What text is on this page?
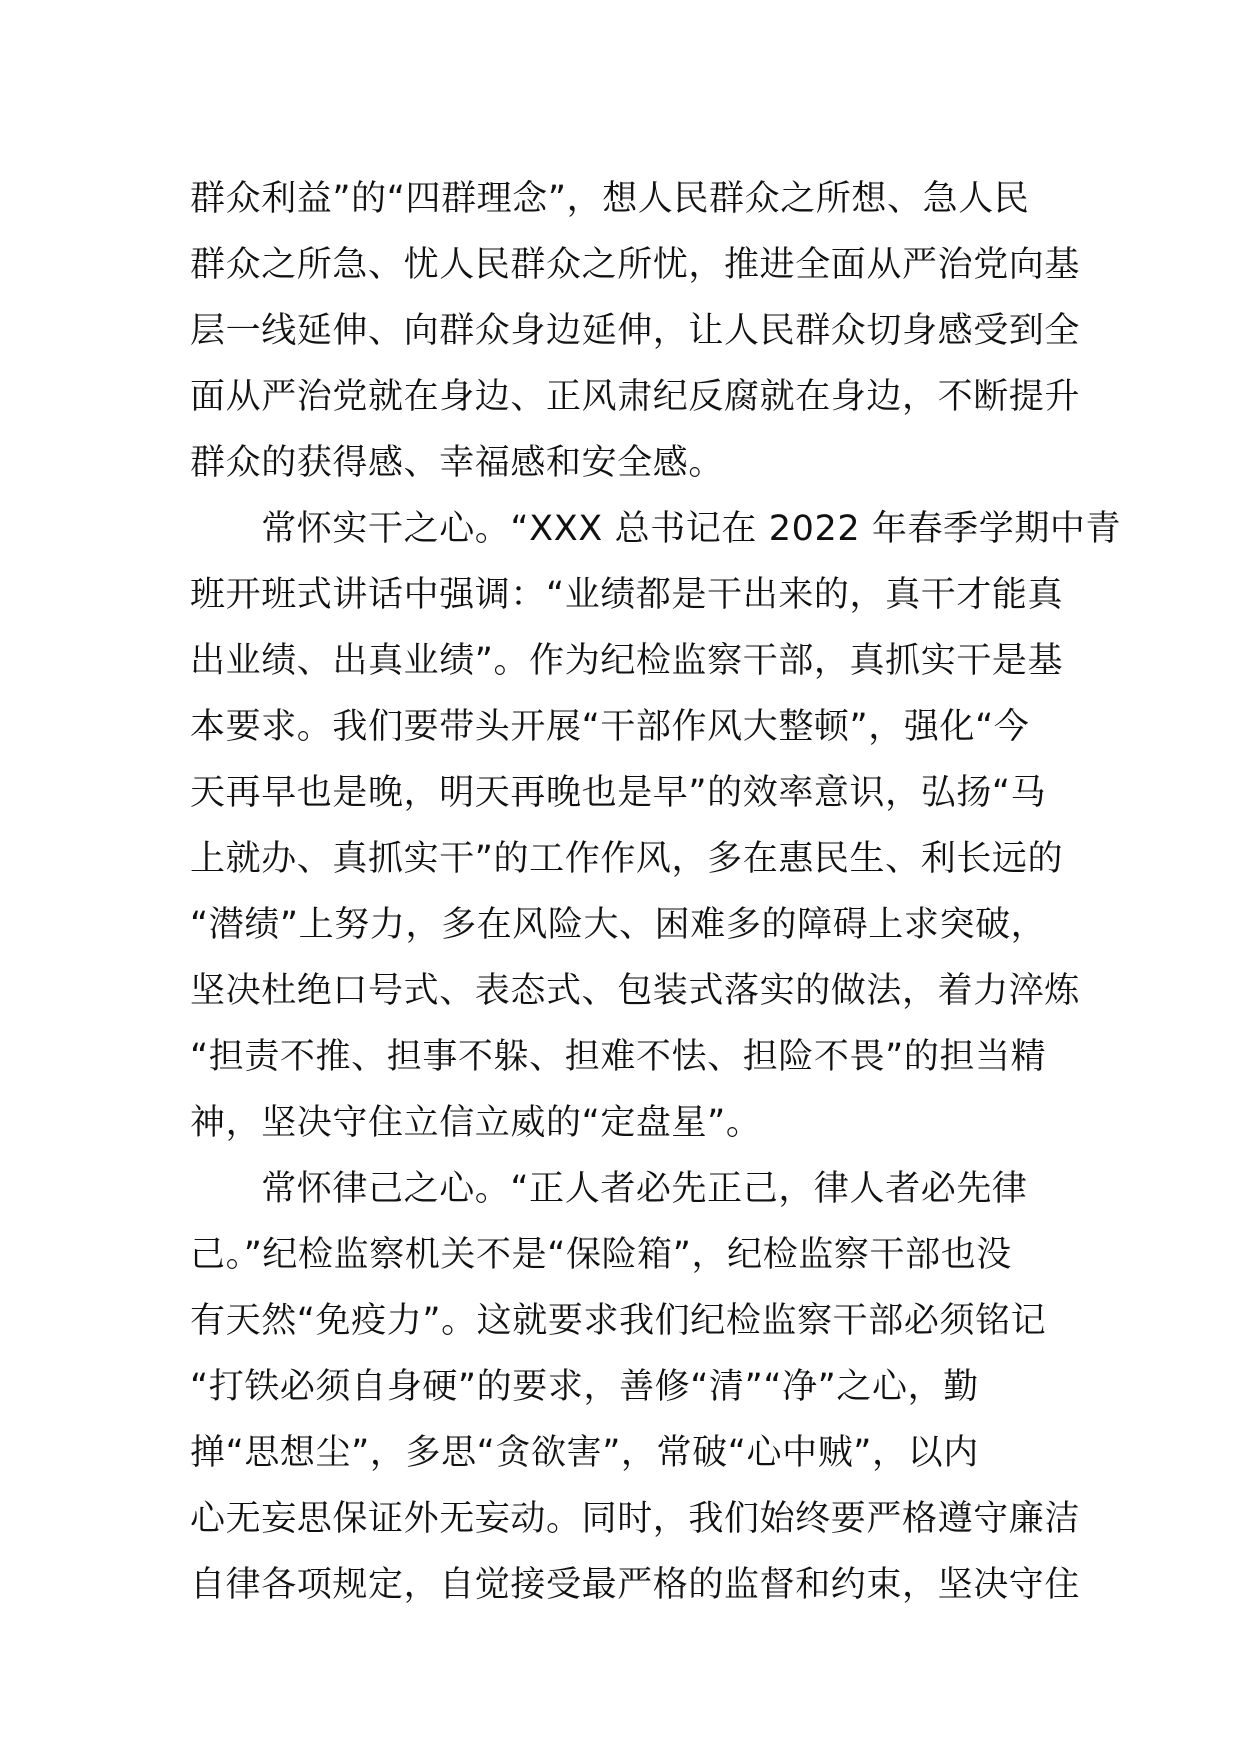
群众利益”的“四群理念”，想人民群众之所想、急人民
群众之所急、忧人民群众之所忧，推进全面从严治党向基
层一线延伸、向群众身边延伸，让人民群众切身感受到全
面从严治党就在身边、正风肃纪反腐就在身边，不断提升
群众的获得感、幸福感和安全感。
　　常怀实干之心。“XXX 总书记在 2022 年春季学期中青
班开班式讲话中强调：“业绩都是干出来的，真干才能真
出业绩、出真业绩”。作为纪检监察干部，真抓实干是基
本要求。我们要带头开展“干部作风大整顿”，强化“今
天再早也是晚，明天再晚也是早”的效率意识，弘扬“马
上就办、真抓实干”的工作作风，多在惠民生、利长远的
“潜绩”上努力，多在风险大、困难多的障碍上求突破，
坚决杜绝口号式、表态式、包装式落实的做法，着力淬炼
“担责不推、担事不躲、担难不怯、担险不畏”的担当精
神，坚决守住立信立威的“定盘星”。
　　常怀律己之心。“正人者必先正己，律人者必先律
己。”纪检监察机关不是“保险箱”，纪检监察干部也没
有天然“免疫力”。这就要求我们纪检监察干部必须铭记
“打铁必须自身硬”的要求，善修“清”“净”之心，勤
掸“思想尘”，多思“贪欲害”，常破“心中贼”，以内
心无妄思保证外无妄动。同时，我们始终要严格遵守廉洁
自律各项规定，自觉接受最严格的监督和约束，坚决守住
